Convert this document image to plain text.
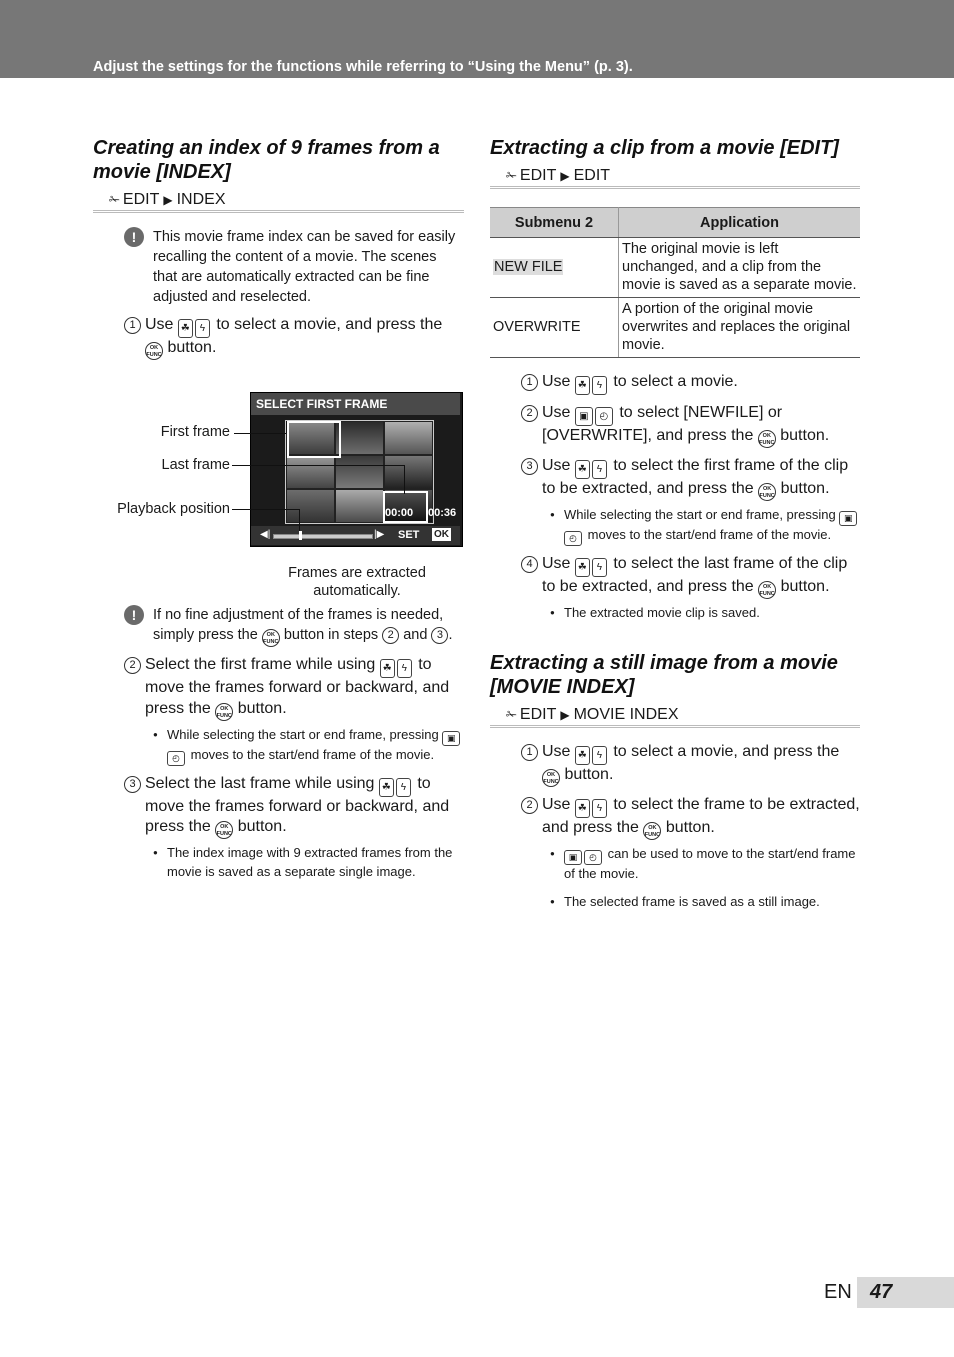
Adjust the settings for the functions while referring to “Using the Menu” (p. 3).
Creating an index of 9 frames from a movie [INDEX]
✁ EDIT ▶ INDEX
!	This movie frame index can be saved for easily recalling the content of a movie. The scenes that are automatically extracted can be fine adjusted and reselected.
1 Use ☘ ϟ to select a movie, and press the OK
FUNC button.
SELECT FIRST FRAME
00:00 00:36
◀|	|▶ SET OK
First frame
Last frame
Playback position
Frames are extracted automatically.
!	If no fine adjustment of the frames is needed, simply press the OK
FUNC button in steps 2 and 3 .
2 Select the first frame while using ☘ ϟ to move the frames forward or backward, and press the OK
FUNC button.
● While selecting the start or end frame, pressing ▣◴ moves to the start/end frame of the movie.
3 Select the last frame while using ☘ ϟ to move the frames forward or backward, and press the OK
FUNC button.
● The index image with 9 extracted frames from the movie is saved as a separate single image.
Extracting a clip from a movie [EDIT]
✁ EDIT ▶ EDIT
Submenu 2	Application
NEW FILE	The original movie is left unchanged, and a clip from the movie is saved as a separate movie.
OVERWRITE	A portion of the original movie overwrites and replaces the original movie.
1 Use ☘ ϟ to select a movie.
2 Use ▣ ◴ to select [NEWFILE] or [OVERWRITE], and press the OK
FUNC button.
3 Use ☘ ϟ to select the first frame of the clip to be extracted, and press the OK
FUNC button.
● While selecting the start or end frame, pressing ▣◴ moves to the start/end frame of the movie.
4 Use ☘ ϟ to select the last frame of the clip to be extracted, and press the OK
FUNC button.
● The extracted movie clip is saved.
Extracting a still image from a movie [MOVIE INDEX]
✁ EDIT ▶ MOVIE INDEX
1 Use ☘ ϟ to select a movie, and press the OK
FUNC button.
2 Use ☘ ϟ to select the frame to be extracted, and press the OK
FUNC button.
● ▣ ◴ can be used to move to the start/end frame of the movie.
● The selected frame is saved as a still image.
EN 47
